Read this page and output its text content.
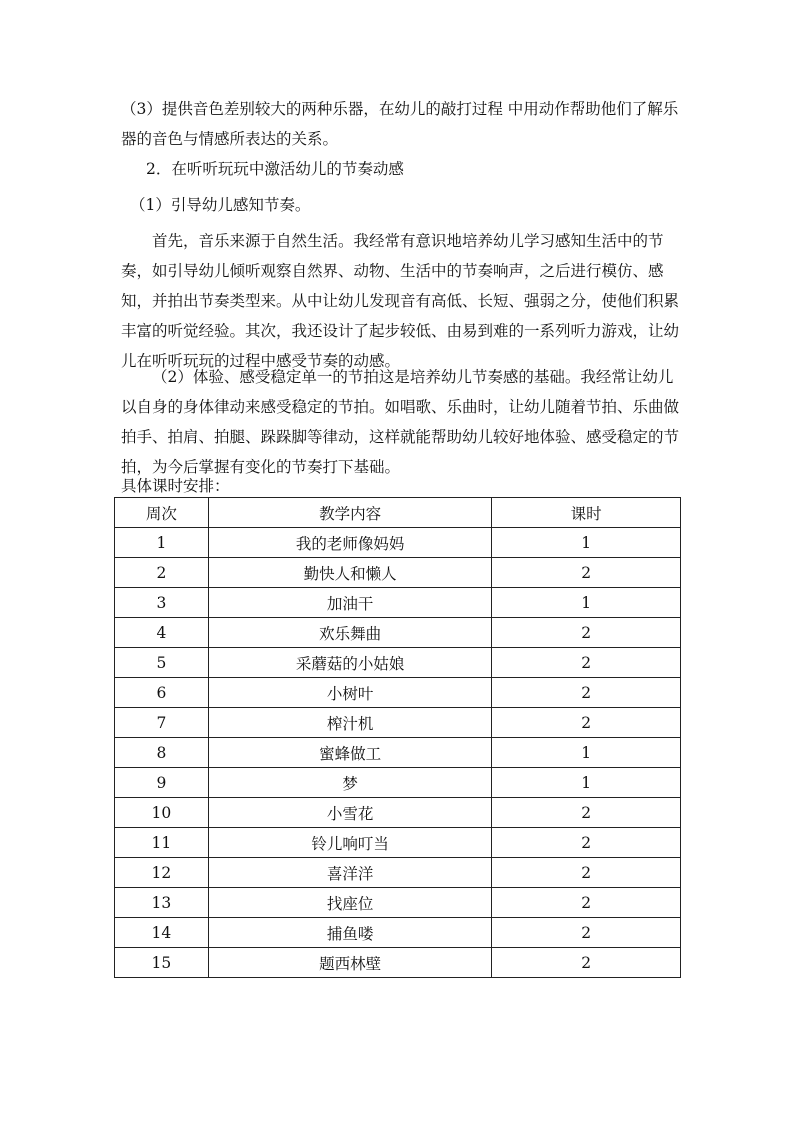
（3）提供音色差别较大的两种乐器，在幼儿的敲打过程 中用动作帮助他们了解乐器的音色与情感所表达的关系。

2．在听听玩玩中激活幼儿的节奏动感

（1）引导幼儿感知节奏。

首先，音乐来源于自然生活。我经常有意识地培养幼儿学习感知生活中的节奏，如引导幼儿倾听观察自然界、动物、生活中的节奏响声，之后进行模仿、感知，并拍出节奏类型来。从中让幼儿发现音有高低、长短、强弱之分，使他们积累丰富的听觉经验。其次，我还设计了起步较低、由易到难的一系列听力游戏，让幼儿在听听玩玩的过程中感受节奏的动感。

（2）体验、感受稳定单一的节拍这是培养幼儿节奏感的基础。我经常让幼儿以自身的身体律动来感受稳定的节拍。如唱歌、乐曲时，让幼儿随着节拍、乐曲做拍手、拍肩、拍腿、跺跺脚等律动，这样就能帮助幼儿较好地体验、感受稳定的节拍，为今后掌握有变化的节奏打下基础。

具体课时安排：
周次	教学内容	课时
1	我的老师像妈妈	1
2	勤快人和懒人	2
3	加油干	1
4	欢乐舞曲	2
5	采蘑菇的小姑娘	2
6	小树叶	2
7	榨汁机	2
8	蜜蜂做工	1
9	梦	1
10	小雪花	2
11	铃儿响叮当	2
12	喜洋洋	2
13	找座位	2
14	捕鱼喽	2
15	题西林壁	2
